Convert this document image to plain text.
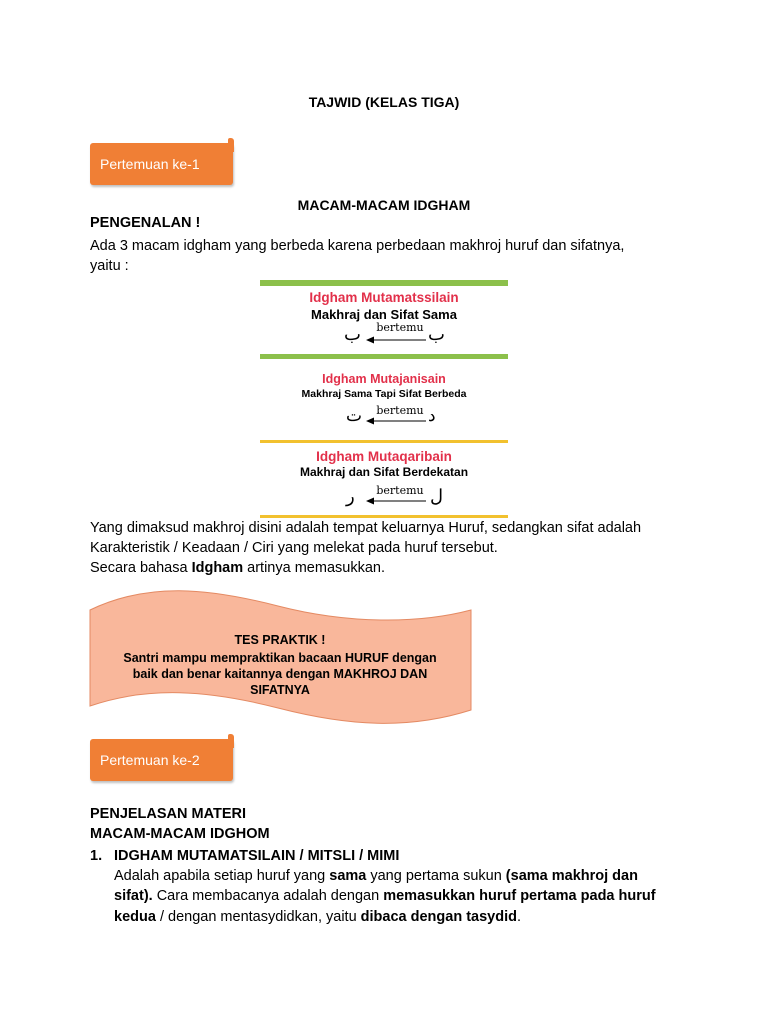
TAJWID (KELAS TIGA)
Pertemuan ke-1
MACAM-MACAM IDGHAM
PENGENALAN !
Ada 3 macam idgham yang berbeda karena perbedaan makhroj huruf dan sifatnya,
yaitu :
Idgham Mutamatssilain
Makhraj dan Sifat Sama
ب	bertemu ب
Idgham Mutajanisain
Makhraj Sama Tapi Sifat Berbeda
ت	bertemu د
Idgham Mutaqaribain
Makhraj dan Sifat Berdekatan
ر	bertemu ل
Yang dimaksud makhroj disini adalah tempat keluarnya Huruf, sedangkan sifat adalah
Karakteristik / Keadaan / Ciri yang melekat pada huruf tersebut.
Secara bahasa Idgham artinya memasukkan.
TES PRAKTIK !
Santri mampu mempraktikan bacaan HURUF dengan
baik dan benar kaitannya dengan MAKHROJ DAN
SIFATNYA
Pertemuan ke-2
PENJELASAN MATERI
MACAM-MACAM IDGHOM
1. IDGHAM MUTAMATSILAIN / MITSLI / MIMI
Adalah apabila setiap huruf yang sama yang pertama sukun (sama makhroj dan
sifat). Cara membacanya adalah dengan memasukkan huruf pertama pada huruf
kedua / dengan mentasydidkan, yaitu dibaca dengan tasydid.
